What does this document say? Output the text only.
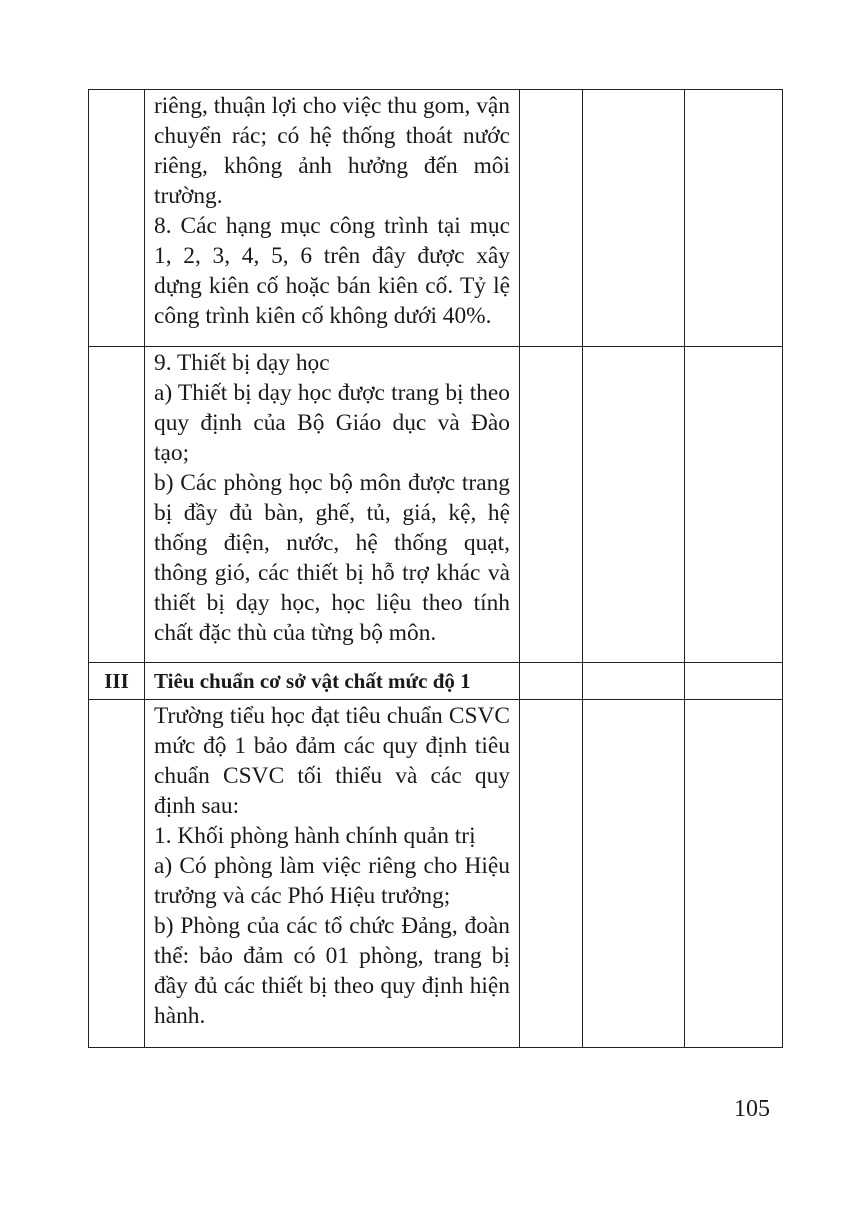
	riêng, thuận lợi cho việc thu gom, vận chuyển rác; có hệ thống thoát nước riêng, không ảnh hưởng đến môi trường.

8. Các hạng mục công trình tại mục 1, 2, 3, 4, 5, 6 trên đây được xây dựng kiên cố hoặc bán kiên cố. Tỷ lệ công trình kiên cố không dưới 40%.			

	9. Thiết bị dạy học

a) Thiết bị dạy học được trang bị theo quy định của Bộ Giáo dục và Đào tạo;

b) Các phòng học bộ môn được trang bị đầy đủ bàn, ghế, tủ, giá, kệ, hệ thống điện, nước, hệ thống quạt, thông gió, các thiết bị hỗ trợ khác và thiết bị dạy học, học liệu theo tính chất đặc thù của từng bộ môn.			

III	Tiêu chuẩn cơ sở vật chất mức độ 1			

	Trường tiểu học đạt tiêu chuẩn CSVC mức độ 1 bảo đảm các quy định tiêu chuẩn CSVC tối thiểu và các quy định sau:

1. Khối phòng hành chính quản trị

a) Có phòng làm việc riêng cho Hiệu trưởng và các Phó Hiệu trưởng;

b) Phòng của các tổ chức Đảng, đoàn thể: bảo đảm có 01 phòng, trang bị đầy đủ các thiết bị theo quy định hiện hành.			

105
